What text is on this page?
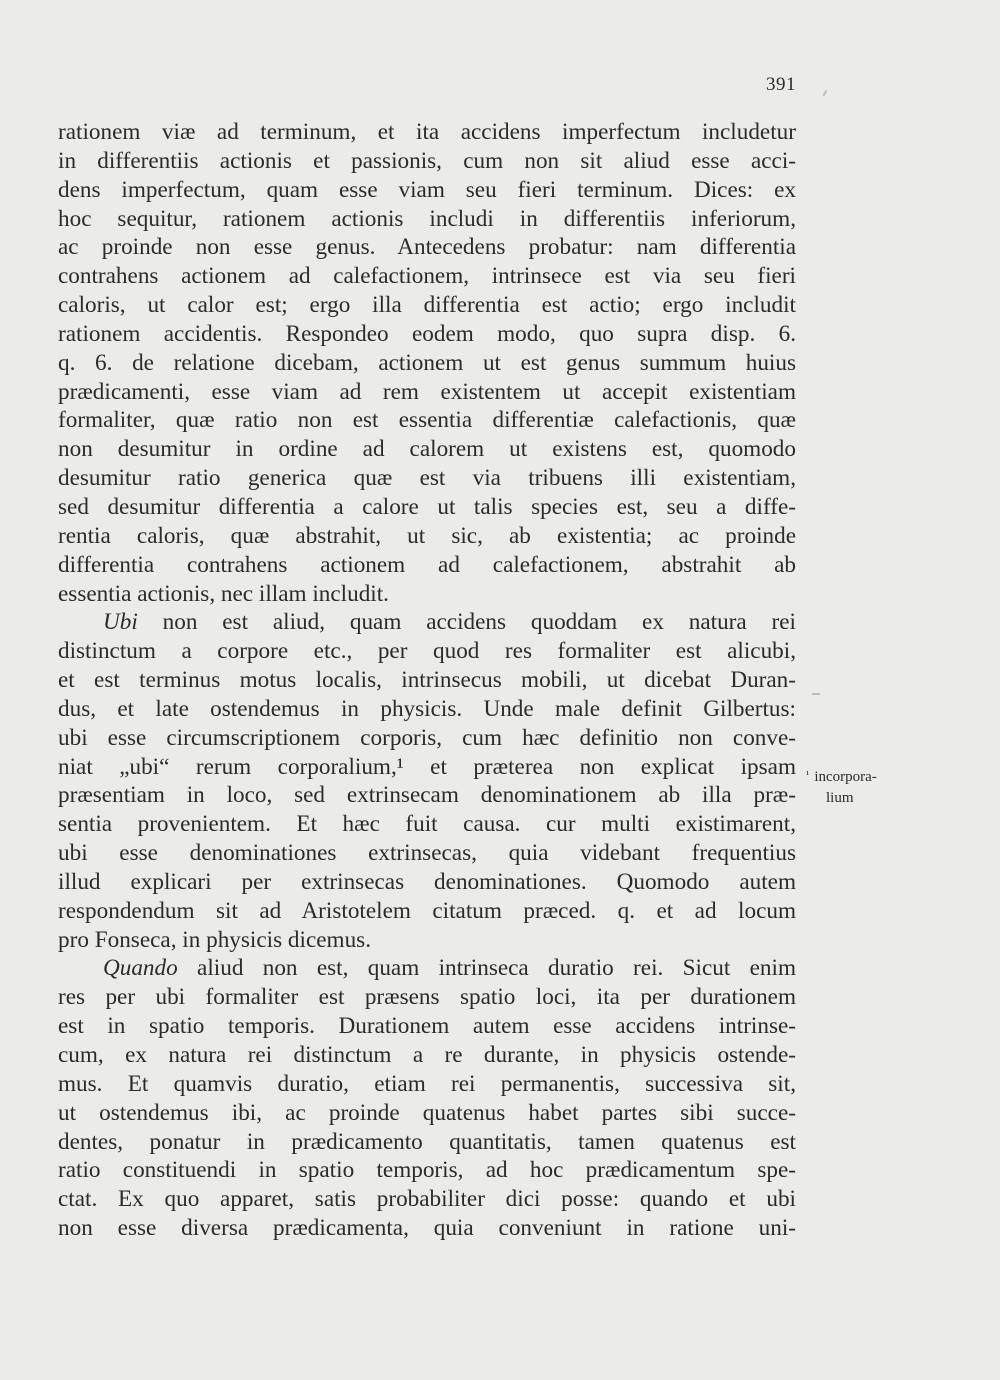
391
rationem viæ ad terminum, et ita accidens imperfectum includetur
in differentiis actionis et passionis, cum non sit aliud esse acci-
dens imperfectum, quam esse viam seu fieri terminum. Dices: ex
hoc sequitur, rationem actionis includi in differentiis inferiorum,
ac proinde non esse genus. Antecedens probatur: nam differentia
contrahens actionem ad calefactionem, intrinsece est via seu fieri
caloris, ut calor est; ergo illa differentia est actio; ergo includit
rationem accidentis. Respondeo eodem modo, quo supra disp. 6.
q. 6. de relatione dicebam, actionem ut est genus summum huius
prædicamenti, esse viam ad rem existentem ut accepit existentiam
formaliter, quæ ratio non est essentia differentiæ calefactionis, quæ
non desumitur in ordine ad calorem ut existens est, quomodo
desumitur ratio generica quæ est via tribuens illi existentiam,
sed desumitur differentia a calore ut talis species est, seu a diffe-
rentia caloris, quæ abstrahit, ut sic, ab existentia; ac proinde
differentia contrahens actionem ad calefactionem, abstrahit ab
essentia actionis, nec illam includit.
Ubi non est aliud, quam accidens quoddam ex natura rei
distinctum a corpore etc., per quod res formaliter est alicubi,
et est terminus motus localis, intrinsecus mobili, ut dicebat Duran-
dus, et late ostendemus in physicis. Unde male definit Gilbertus:
ubi esse circumscriptionem corporis, cum hæc definitio non conve-
niat „ubi“ rerum corporalium,¹ et præterea non explicat ipsam
præsentiam in loco, sed extrinsecam denominationem ab illa præ-
sentia provenientem. Et hæc fuit causa. cur multi existimarent,
ubi esse denominationes extrinsecas, quia videbant frequentius
illud explicari per extrinsecas denominationes. Quomodo autem
respondendum sit ad Aristotelem citatum præced. q. et ad locum
pro Fonseca, in physicis dicemus.
Quando aliud non est, quam intrinseca duratio rei. Sicut enim
res per ubi formaliter est præsens spatio loci, ita per durationem
est in spatio temporis. Durationem autem esse accidens intrinse-
cum, ex natura rei distinctum a re durante, in physicis ostende-
mus. Et quamvis duratio, etiam rei permanentis, successiva sit,
ut ostendemus ibi, ac proinde quatenus habet partes sibi succe-
dentes, ponatur in prædicamento quantitatis, tamen quatenus est
ratio constituendi in spatio temporis, ad hoc prædicamentum spe-
ctat. Ex quo apparet, satis probabiliter dici posse: quando et ubi
non esse diversa prædicamenta, quia conveniunt in ratione uni-
$^{^1}$ incorpora-
lium
